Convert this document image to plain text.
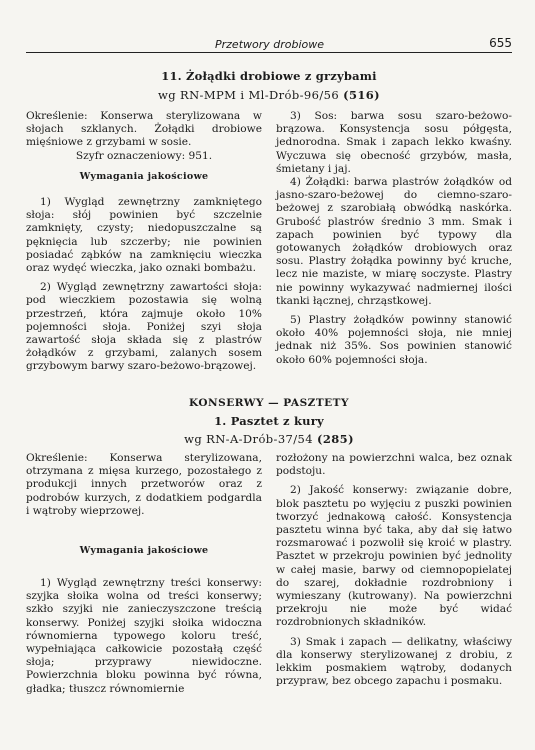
Przetwory drobiowe	655
11. Żołądki drobiowe z grzybami
wg RN-MPM i Ml-Drób-96/56 (516)

Określenie: Konserwa sterylizowana w słojach szklanych. Żołądki drobiowe mięśniowe z grzybami w sosie.

Szyfr oznaczeniowy: 951.

Wymagania jakościowe

1) Wygląd zewnętrzny zamkniętego słoja: słój powinien być szczelnie zamknięty, czysty; niedopuszczalne są pęknięcia lub szczerby; nie powinien posiadać ząbków na zamknięciu wieczka oraz wydęć wieczka, jako oznaki bombażu.

2) Wygląd zewnętrzny zawartości słoja: pod wieczkiem pozostawia się wolną przestrzeń, która zajmuje około 10% pojemności słoja. Poniżej szyi słoja zawartość słoja składa się z plastrów żołądków z grzybami, zalanych sosem grzybowym barwy szaro-beżowo-brązowej.

3) Sos: barwa sosu szaro-beżowo-brązowa. Konsystencja sosu półgęsta, jednorodna. Smak i zapach lekko kwaśny. Wyczuwa się obecność grzybów, masła, śmietany i jaj.

4) Żołądki: barwa plastrów żołądków od jasno-szaro-beżowej do ciemno-szaro-beżowej z szarobiałą obwódką naskórka. Grubość plastrów średnio 3 mm. Smak i zapach powinien być typowy dla gotowanych żołądków drobiowych oraz sosu. Plastry żołądka powinny być kruche, lecz nie maziste, w miarę soczyste. Plastry nie powinny wykazywać nadmiernej ilości tkanki łącznej, chrząstkowej.

5) Plastry żołądków powinny stanowić około 40% pojemności słoja, nie mniej jednak niż 35%. Sos powinien stanowić około 60% pojemności słoja.

KONSERWY — PASZTETY
1. Pasztet z kury
wg RN-A-Drób-37/54 (285)

Określenie: Konserwa sterylizowana, otrzymana z mięsa kurzego, pozostałego z produkcji innych przetworów oraz z podrobów kurzych, z dodatkiem podgardla i wątroby wieprzowej.

Wymagania jakościowe

1) Wygląd zewnętrzny treści konserwy: szyjka słoika wolna od treści konserwy; szkło szyjki nie zanieczyszczone treścią konserwy. Poniżej szyjki słoika widoczna równomierna typowego koloru treść, wypełniająca całkowicie pozostałą część słoja; przyprawy niewidoczne. Powierzchnia bloku powinna być równa, gładka; tłuszcz równomiernie

rozłożony na powierzchni walca, bez oznak podstoju.

2) Jakość konserwy: związanie dobre, blok pasztetu po wyjęciu z puszki powinien tworzyć jednakową całość. Konsystencja pasztetu winna być taka, aby dał się łatwo rozsmarować i pozwolił się kroić w plastry. Pasztet w przekroju powinien być jednolity w całej masie, barwy od ciemnopopielatej do szarej, dokładnie rozdrobniony i wymieszany (kutrowany). Na powierzchni przekroju nie może być widać rozdrobnionych składników.

3) Smak i zapach — delikatny, właściwy dla konserwy sterylizowanej z drobiu, z lekkim posmakiem wątroby, dodanych przypraw, bez obcego zapachu i posmaku.
